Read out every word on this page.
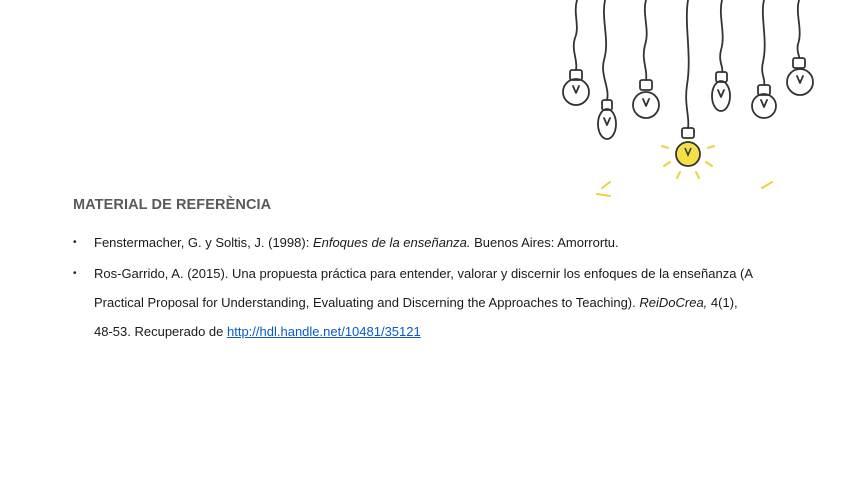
MATERIAL DE REFERÈNCIA
• Fenstermacher, G. y Soltis, J. (1998): Enfoques de la enseñanza. Buenos Aires: Amorrortu.
• Ros-Garrido, A. (2015). Una propuesta práctica para entender, valorar y discernir los enfoques de la enseñanza (A Practical Proposal for Understanding, Evaluating and Discerning the Approaches to Teaching). ReiDoCrea, 4(1), 48-53. Recuperado de http://hdl.handle.net/10481/35121
